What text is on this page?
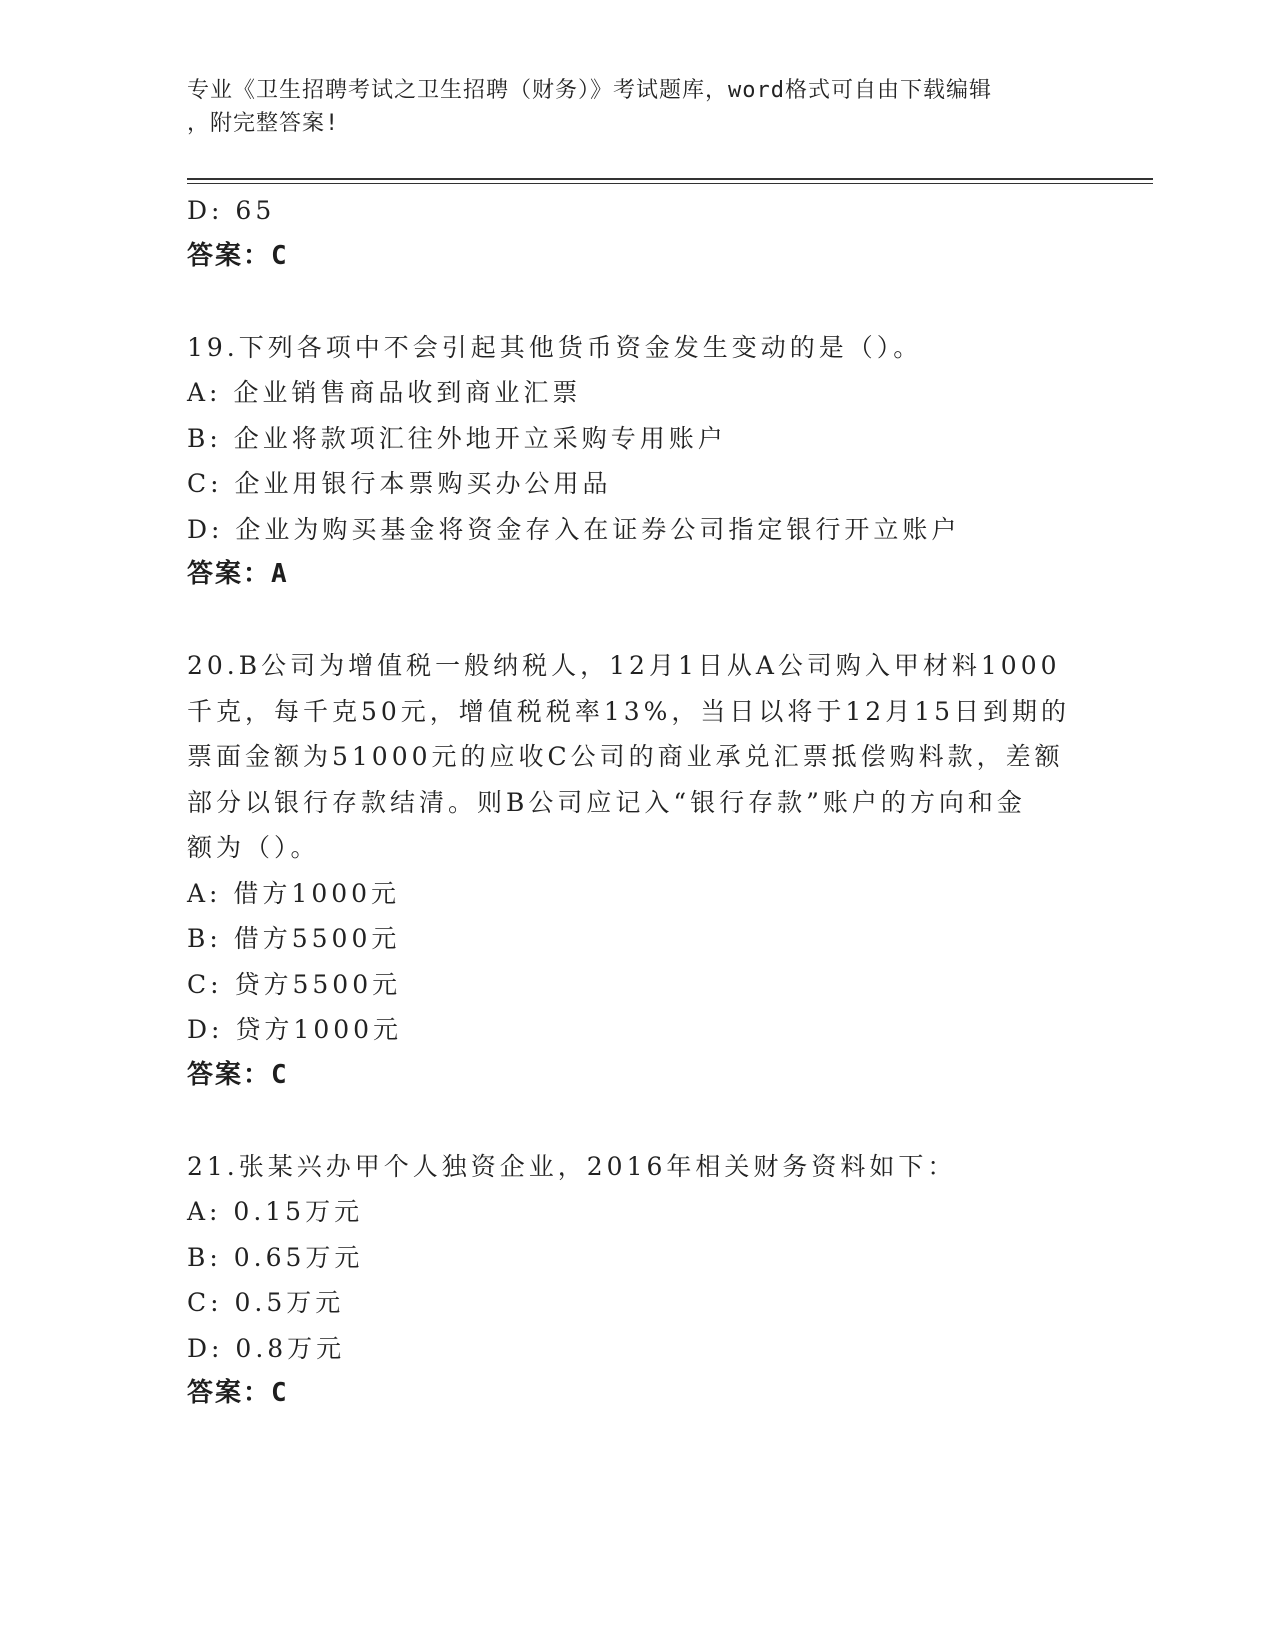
专业《卫生招聘考试之卫生招聘（财务）》考试题库，word格式可自由下载编辑
，附完整答案!
D: 65
答案：C
19.下列各项中不会引起其他货币资金发生变动的是（）。
A: 企业销售商品收到商业汇票
B: 企业将款项汇往外地开立采购专用账户
C: 企业用银行本票购买办公用品
D: 企业为购买基金将资金存入在证券公司指定银行开立账户
答案：A
20.B公司为增值税一般纳税人，12月1日从A公司购入甲材料1000
千克，每千克50元，增值税税率13%，当日以将于12月15日到期的
票面金额为51000元的应收C公司的商业承兑汇票抵偿购料款，差额
部分以银行存款结清。则B公司应记入“银行存款”账户的方向和金
额为（）。
A: 借方1000元
B: 借方5500元
C: 贷方5500元
D: 贷方1000元
答案：C
21.张某兴办甲个人独资企业，2016年相关财务资料如下：
A: 0.15万元
B: 0.65万元
C: 0.5万元
D: 0.8万元
答案：C
